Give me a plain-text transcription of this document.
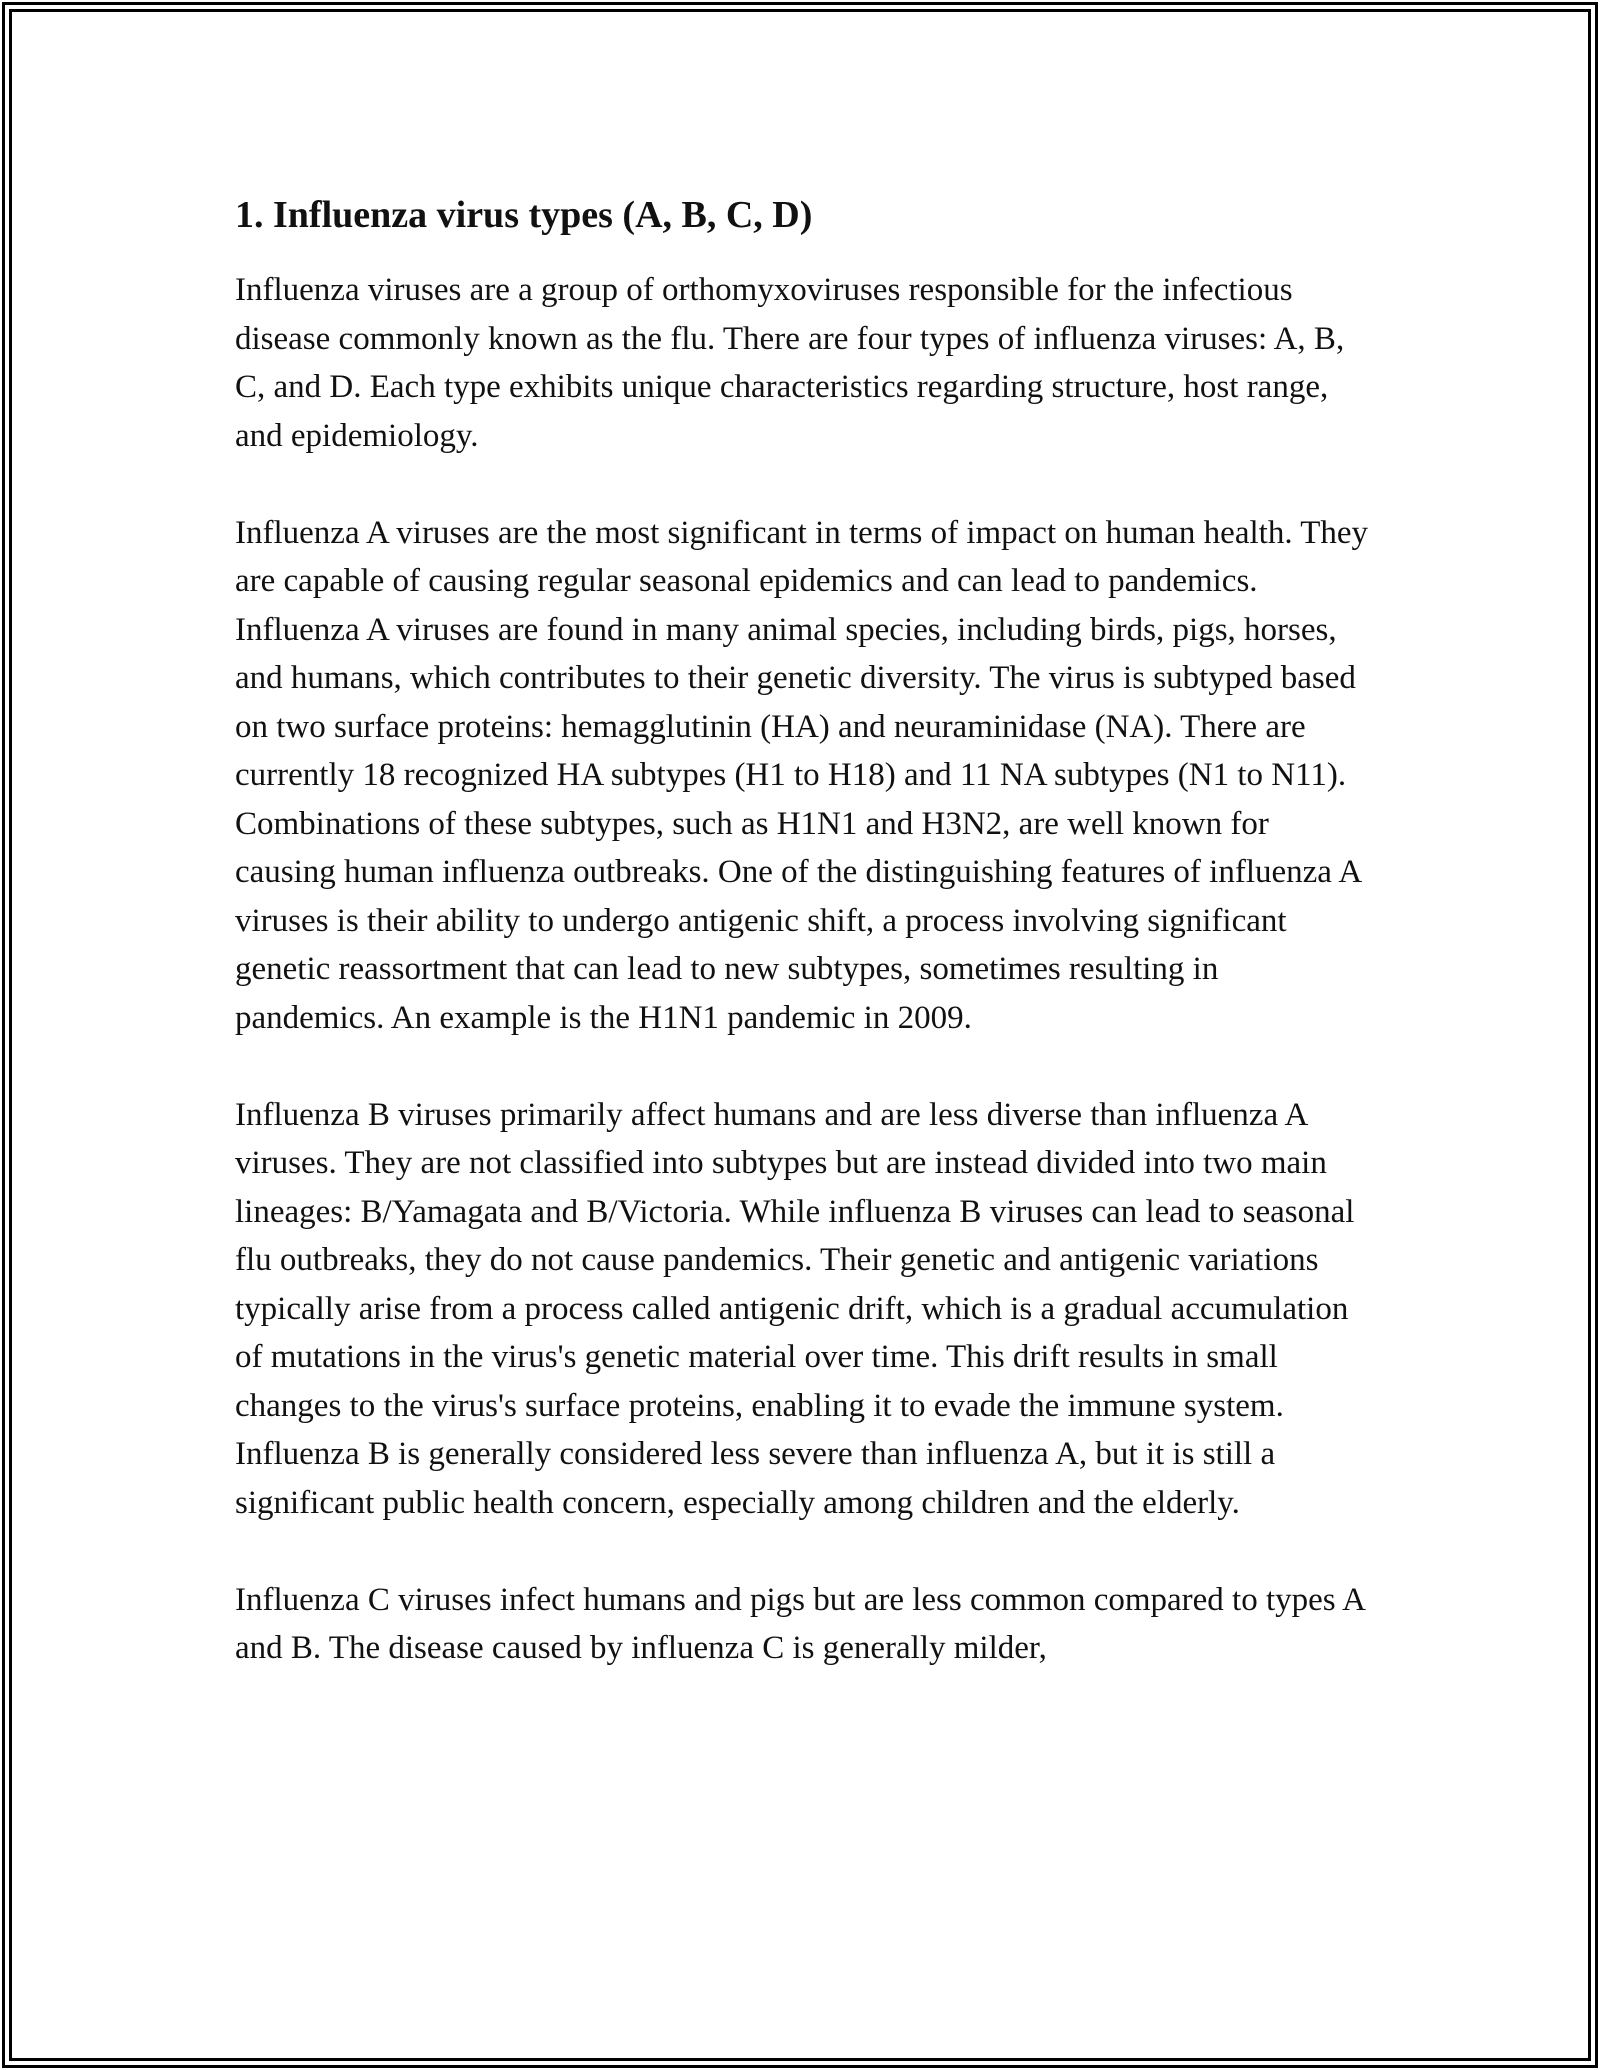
1. Influenza virus types (A, B, C, D)

Influenza viruses are a group of orthomyxoviruses responsible for the infectious disease commonly known as the flu. There are four types of influenza viruses: A, B, C, and D. Each type exhibits unique characteristics regarding structure, host range, and epidemiology.

Influenza A viruses are the most significant in terms of impact on human health. They are capable of causing regular seasonal epidemics and can lead to pandemics. Influenza A viruses are found in many animal species, including birds, pigs, horses, and humans, which contributes to their genetic diversity. The virus is subtyped based on two surface proteins: hemagglutinin (HA) and neuraminidase (NA). There are currently 18 recognized HA subtypes (H1 to H18) and 11 NA subtypes (N1 to N11). Combinations of these subtypes, such as H1N1 and H3N2, are well known for causing human influenza outbreaks. One of the distinguishing features of influenza A viruses is their ability to undergo antigenic shift, a process involving significant genetic reassortment that can lead to new subtypes, sometimes resulting in pandemics. An example is the H1N1 pandemic in 2009.

Influenza B viruses primarily affect humans and are less diverse than influenza A viruses. They are not classified into subtypes but are instead divided into two main lineages: B/Yamagata and B/Victoria. While influenza B viruses can lead to seasonal flu outbreaks, they do not cause pandemics. Their genetic and antigenic variations typically arise from a process called antigenic drift, which is a gradual accumulation of mutations in the virus's genetic material over time. This drift results in small changes to the virus's surface proteins, enabling it to evade the immune system. Influenza B is generally considered less severe than influenza A, but it is still a significant public health concern, especially among children and the elderly.

Influenza C viruses infect humans and pigs but are less common compared to types A and B. The disease caused by influenza C is generally milder,
